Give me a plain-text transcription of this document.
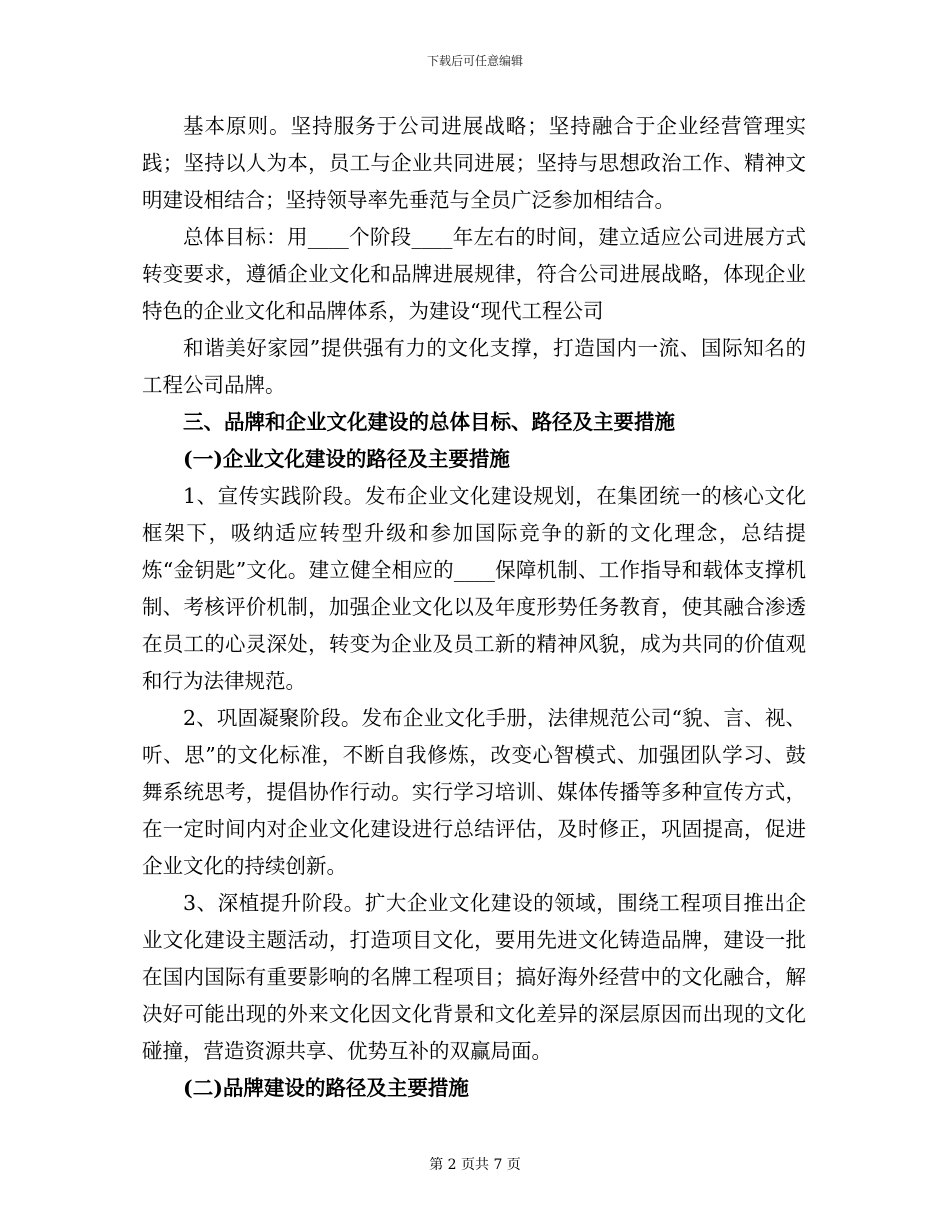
下载后可任意编辑

基本原则。坚持服务于公司进展战略；坚持融合于企业经营管理实践；坚持以人为本，员工与企业共同进展；坚持与思想政治工作、精神文明建设相结合；坚持领导率先垂范与全员广泛参加相结合。

总体目标：用____个阶段____年左右的时间，建立适应公司进展方式转变要求，遵循企业文化和品牌进展规律，符合公司进展战略，体现企业特色的企业文化和品牌体系，为建设“现代工程公司

和谐美好家园”提供强有力的文化支撑，打造国内一流、国际知名的工程公司品牌。

三、品牌和企业文化建设的总体目标、路径及主要措施

(一)企业文化建设的路径及主要措施

1、宣传实践阶段。发布企业文化建设规划，在集团统一的核心文化框架下，吸纳适应转型升级和参加国际竞争的新的文化理念，总结提炼“金钥匙”文化。建立健全相应的____保障机制、工作指导和载体支撑机制、考核评价机制，加强企业文化以及年度形势任务教育，使其融合渗透在员工的心灵深处，转变为企业及员工新的精神风貌，成为共同的价值观和行为法律规范。

2、巩固凝聚阶段。发布企业文化手册，法律规范公司“貌、言、视、听、思”的文化标准，不断自我修炼，改变心智模式、加强团队学习、鼓舞系统思考，提倡协作行动。实行学习培训、媒体传播等多种宣传方式，在一定时间内对企业文化建设进行总结评估，及时修正，巩固提高，促进企业文化的持续创新。

3、深植提升阶段。扩大企业文化建设的领域，围绕工程项目推出企业文化建设主题活动，打造项目文化，要用先进文化铸造品牌，建设一批在国内国际有重要影响的名牌工程项目；搞好海外经营中的文化融合，解决好可能出现的外来文化因文化背景和文化差异的深层原因而出现的文化碰撞，营造资源共享、优势互补的双赢局面。

(二)品牌建设的路径及主要措施

第 2 页共 7 页
